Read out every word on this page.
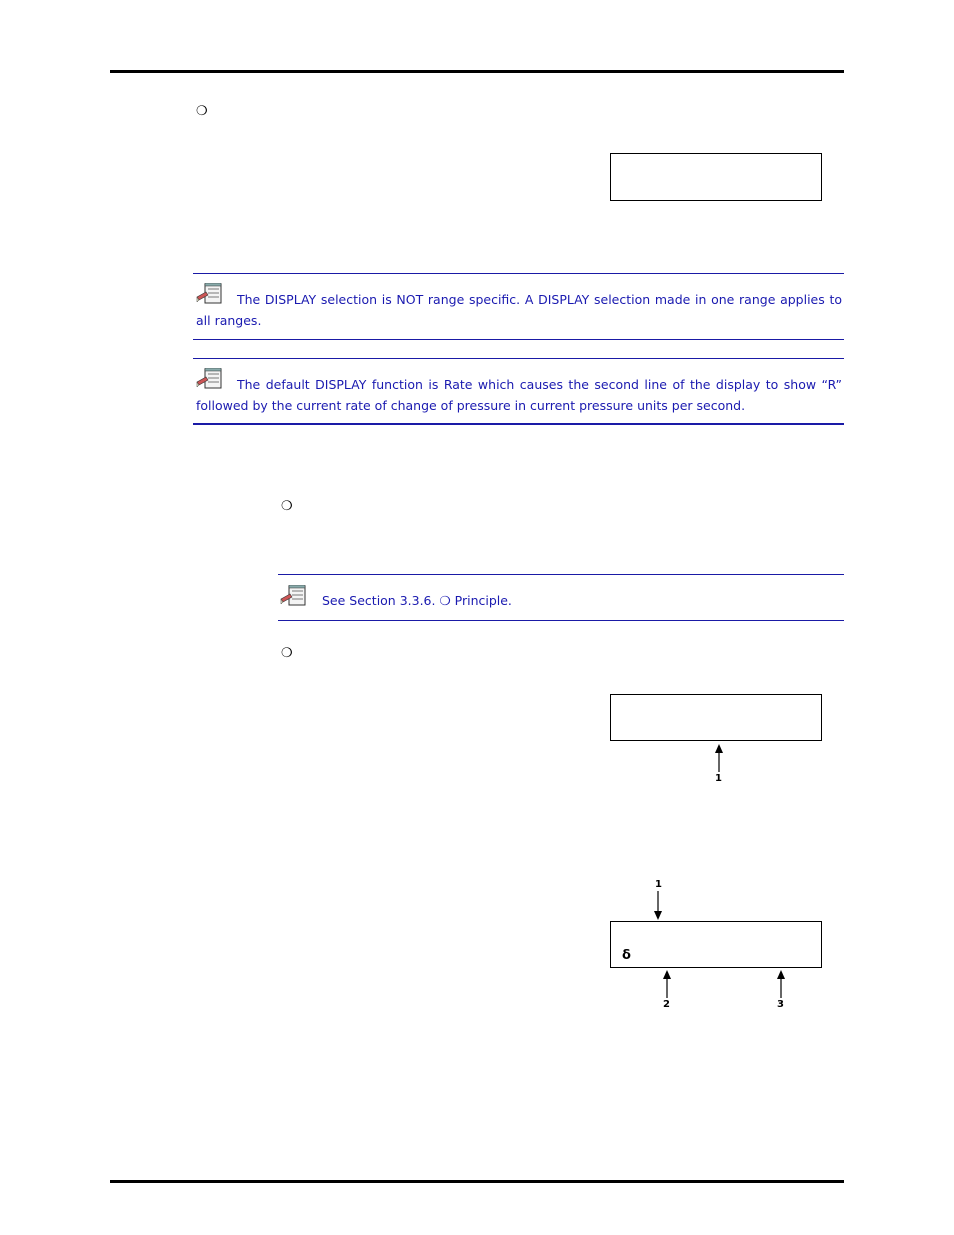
❍
The DISPLAY selection is NOT range specific. A DISPLAY selection made in one range applies to all ranges.
The default DISPLAY function is Rate which causes the second line of the display to show “R” followed by the current rate of change of pressure in current pressure units per second.
❍
See Section 3.3.6. ❍ Principle.
❍
1
1
δ
2	3
